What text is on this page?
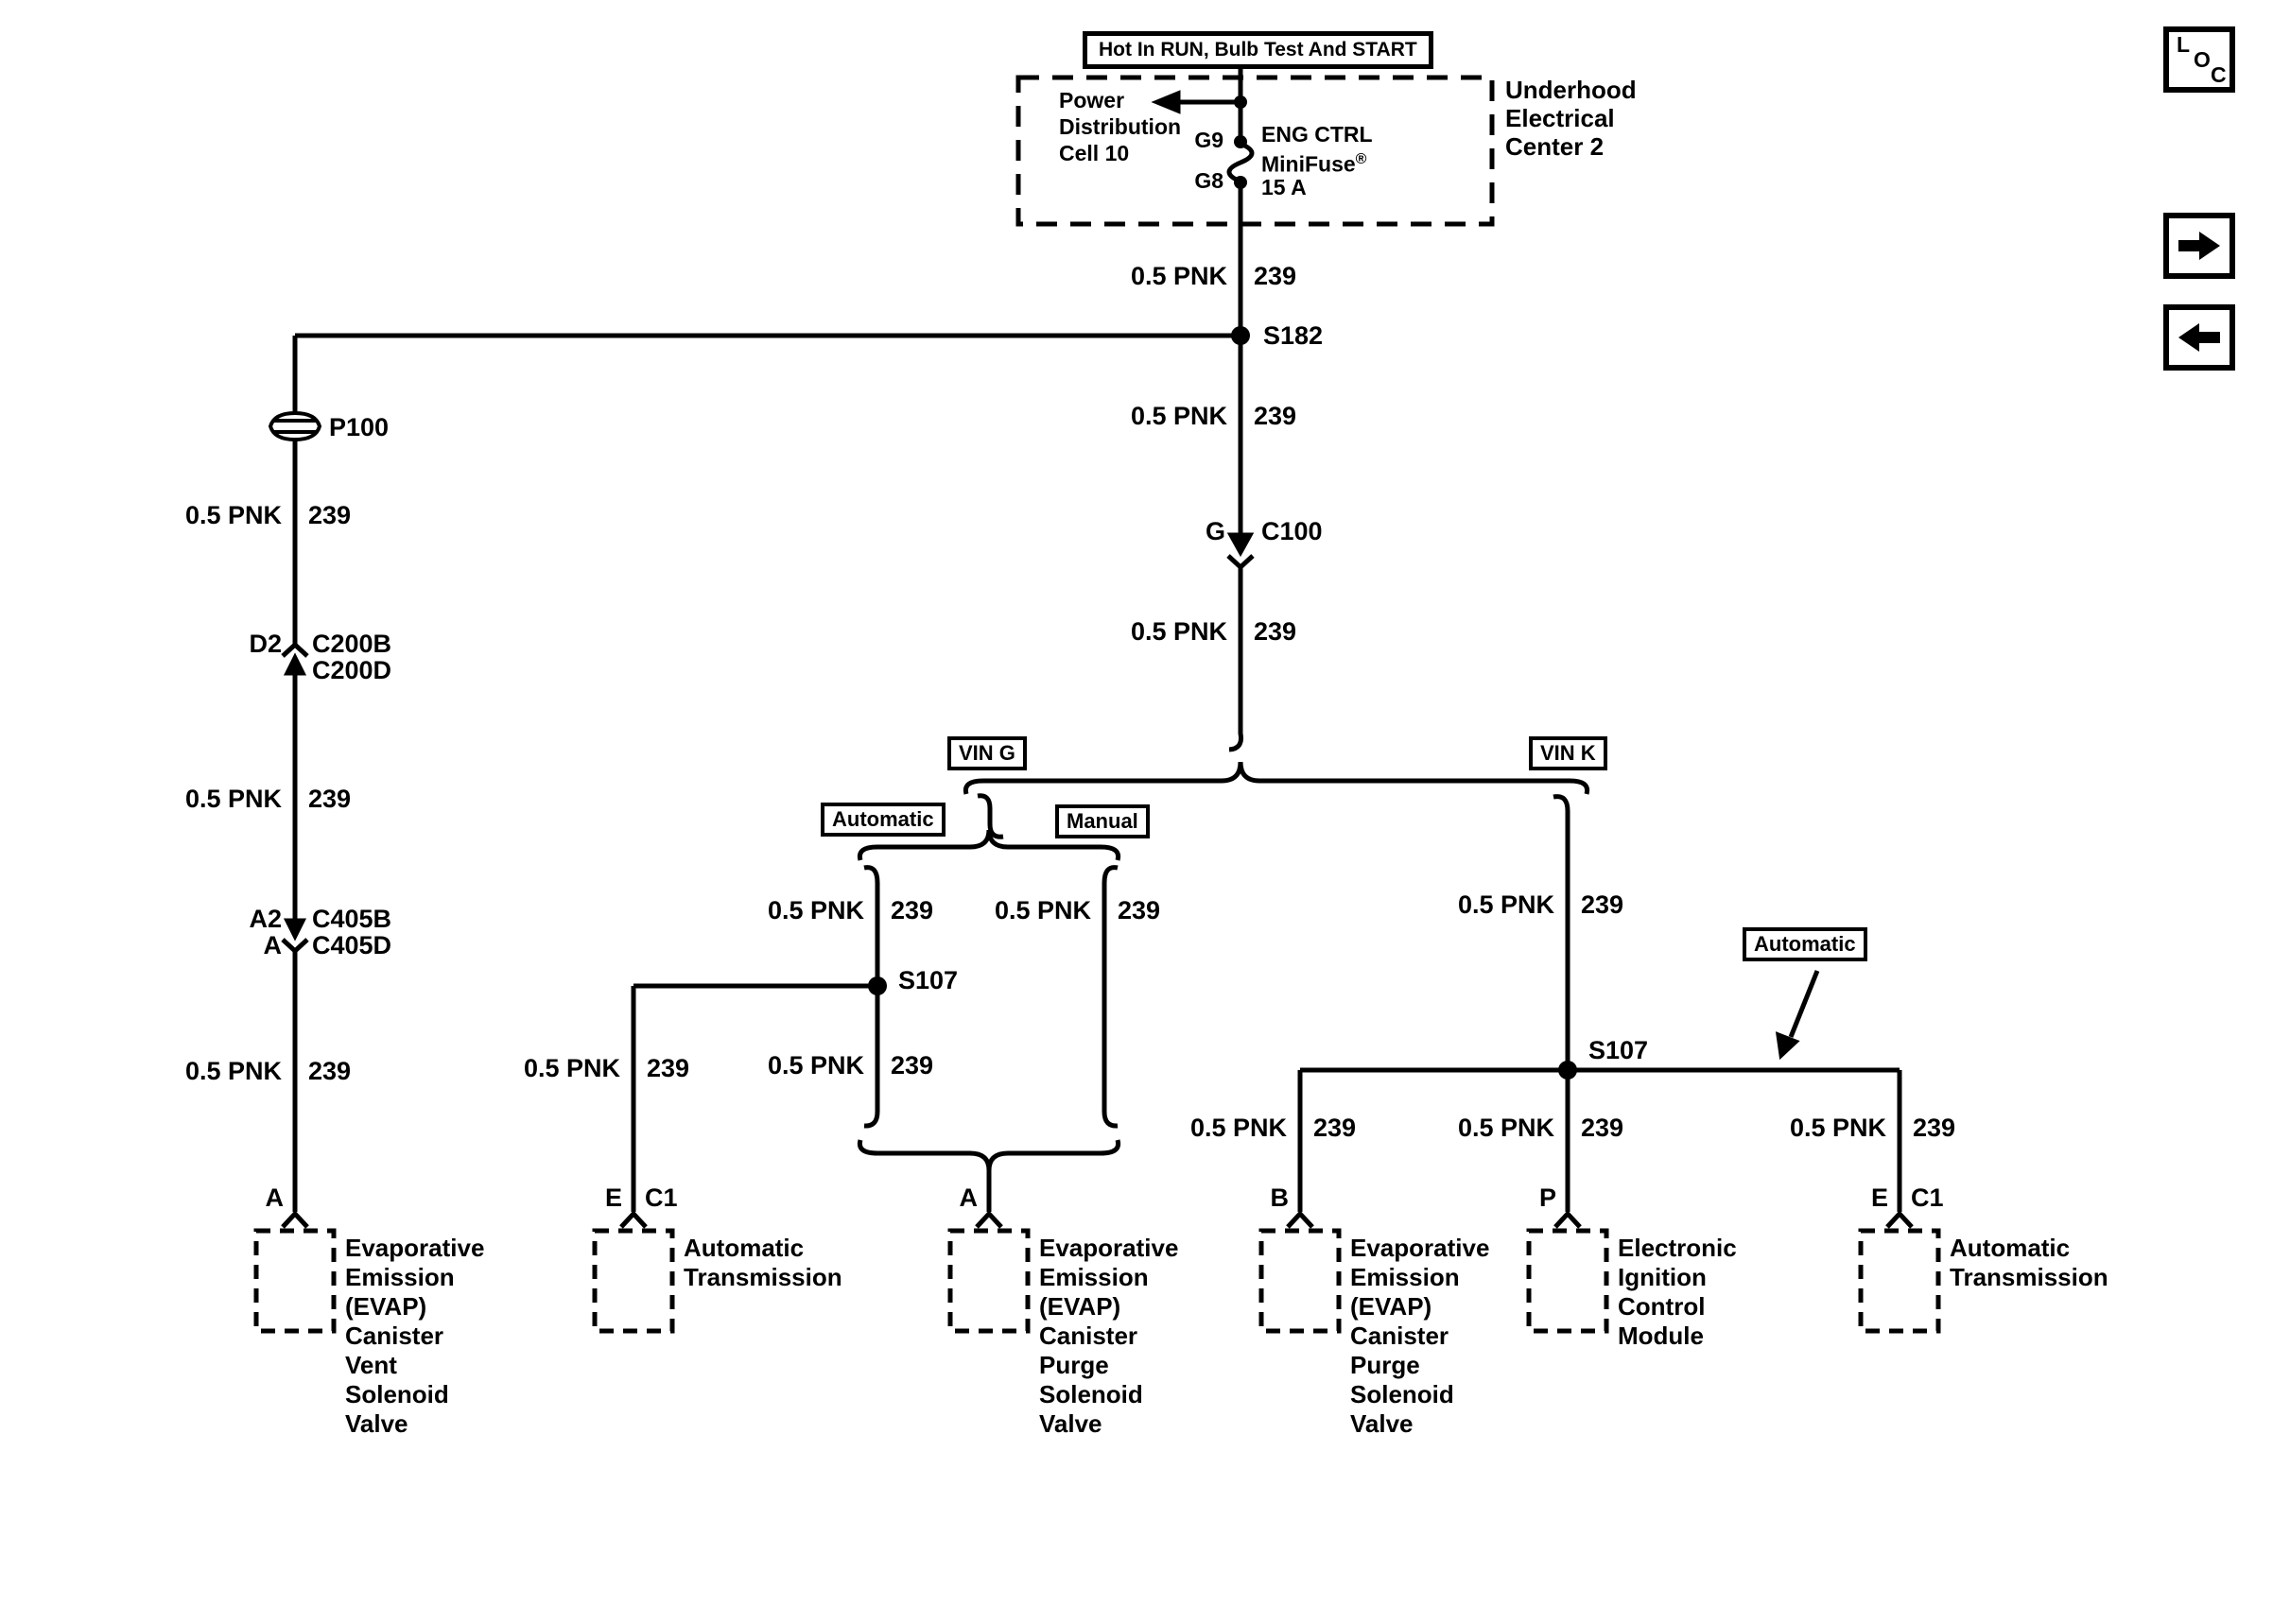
Hot In RUN, Bulb Test And START
Power
Distribution
Cell 10
G9
G8
ENG CTRL
MiniFuse®
15 A
Underhood
Electrical
Center 2
0.5 PNK 239
0.5 PNK 239
0.5 PNK 239
0.5 PNK 239
0.5 PNK 239
0.5 PNK 239
0.5 PNK 239 0.5 PNK 239
0.5 PNK 239
0.5 PNK 239
0.5 PNK 239
0.5 PNK 239	0.5 PNK 239	0.5 PNK 239
S182
G C100
P100
D2 C200B
C200D
A2 C405B
A C405D
S107
S107
VIN G	VIN K
Automatic	Manual
Automatic
A
Evaporative
Emission
(EVAP)
Canister
Vent
Solenoid
Valve
E C1
Automatic
Transmission
A
Evaporative
Emission
(EVAP)
Canister
Purge
Solenoid
Valve
B
Evaporative
Emission
(EVAP)
Canister
Purge
Solenoid
Valve
P
Electronic
Ignition
Control
Module
E C1
Automatic
Transmission
L
O
C
